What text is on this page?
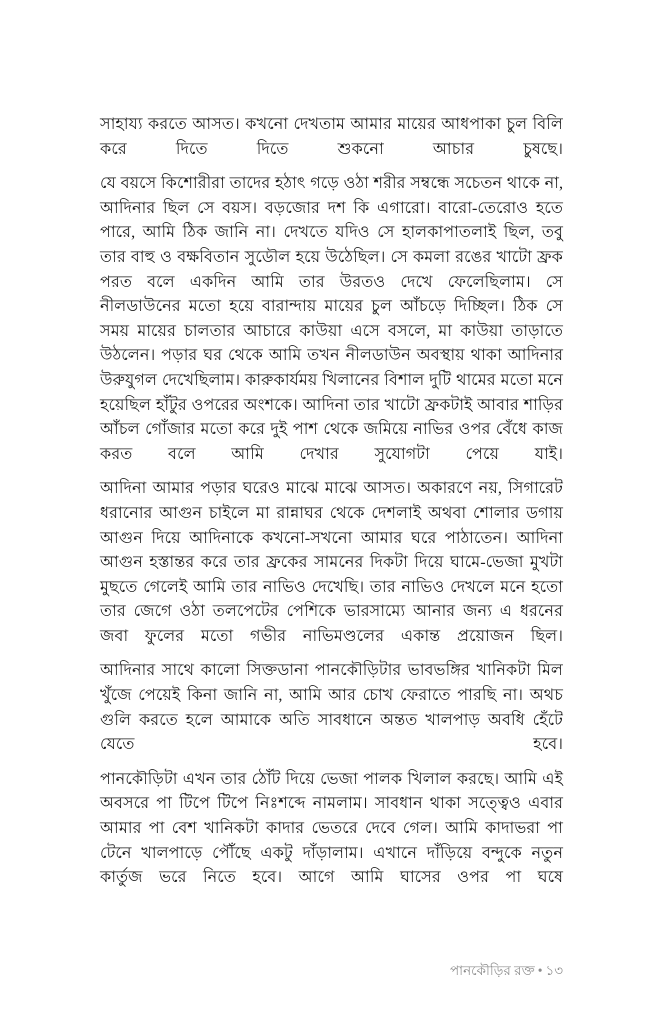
সাহায্য করতে আসত। কখনো দেখতাম আমার মায়ের আধপাকা চুল বিলি করে দিতে দিতে শুকনো আচার চুষছে।

যে বয়সে কিশোরীরা তাদের হঠাৎ গড়ে ওঠা শরীর সম্বন্ধে সচেতন থাকে না, আদিনার ছিল সে বয়স। বড়জোর দশ কি এগারো। বারো-তেরোও হতে পারে, আমি ঠিক জানি না। দেখতে যদিও সে হালকাপাতলাই ছিল, তবু তার বাহু ও বক্ষবিতান সুডৌল হয়ে উঠেছিল। সে কমলা রঙের খাটো ফ্রক পরত বলে একদিন আমি তার উরতও দেখে ফেলেছিলাম। সে নীলডাউনের মতো হয়ে বারান্দায় মায়ের চুল আঁচড়ে দিচ্ছিল। ঠিক সে সময় মায়ের চালতার আচারে কাউয়া এসে বসলে, মা কাউয়া তাড়াতে উঠলেন। পড়ার ঘর থেকে আমি তখন নীলডাউন অবস্থায় থাকা আদিনার উরুযুগল দেখেছিলাম। কারুকার্যময় খিলানের বিশাল দুটি থামের মতো মনে হয়েছিল হাঁটুর ওপরের অংশকে। আদিনা তার খাটো ফ্রকটাই আবার শাড়ির আঁচল গোঁজার মতো করে দুই পাশ থেকে জমিয়ে নাভির ওপর বেঁধে কাজ করত বলে আমি দেখার সুযোগটা পেয়ে যাই।

আদিনা আমার পড়ার ঘরেও মাঝে মাঝে আসত। অকারণে নয়, সিগারেট ধরানোর আগুন চাইলে মা রান্নাঘর থেকে দেশলাই অথবা শোলার ডগায় আগুন দিয়ে আদিনাকে কখনো-সখনো আমার ঘরে পাঠাতেন। আদিনা আগুন হস্তান্তর করে তার ফ্রকের সামনের দিকটা দিয়ে ঘামে-ভেজা মুখটা মুছতে গেলেই আমি তার নাভিও দেখেছি। তার নাভিও দেখলে মনে হতো তার জেগে ওঠা তলপেটের পেশিকে ভারসাম্যে আনার জন্য এ ধরনের জবা ফুলের মতো গভীর নাভিমণ্ডলের একান্ত প্রয়োজন ছিল।

আদিনার সাথে কালো সিক্তডানা পানকৌড়িটার ভাবভঙ্গির খানিকটা মিল খুঁজে পেয়েই কিনা জানি না, আমি আর চোখ ফেরাতে পারছি না। অথচ গুলি করতে হলে আমাকে অতি সাবধানে অন্তত খালপাড় অবধি হেঁটে যেতে হবে।

পানকৌড়িটা এখন তার ঠোঁট দিয়ে ভেজা পালক খিলাল করছে। আমি এই অবসরে পা টিপে টিপে নিঃশব্দে নামলাম। সাবধান থাকা সত্ত্বেও এবার আমার পা বেশ খানিকটা কাদার ভেতরে দেবে গেল। আমি কাদাভরা পা টেনে খালপাড়ে পৌঁছে একটু দাঁড়ালাম। এখানে দাঁড়িয়ে বন্দুকে নতুন কার্তুজ ভরে নিতে হবে। আগে আমি ঘাসের ওপর পা ঘষে

পানকৌড়ির রক্ত • ১৩
